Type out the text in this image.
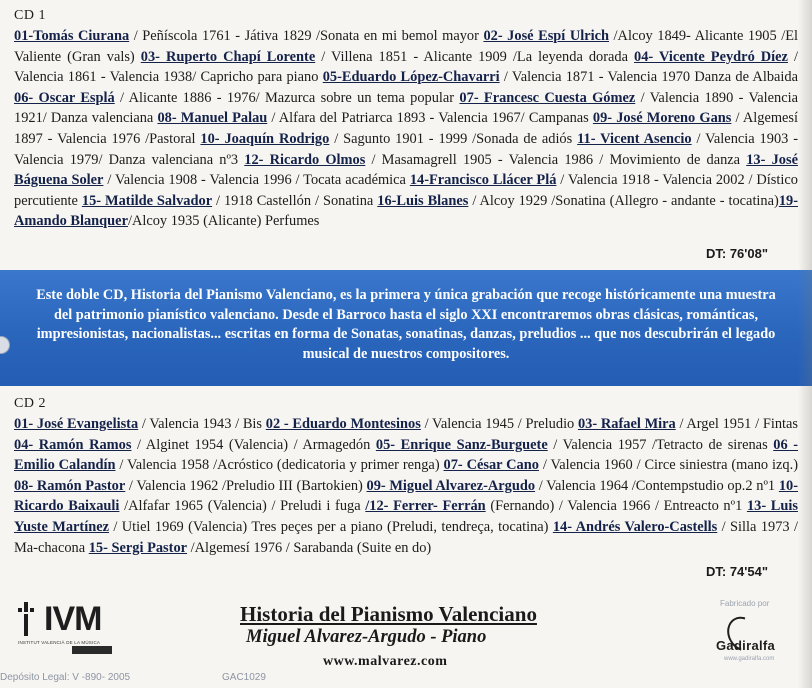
CD 1

01-Tomás Ciurana / Peñíscola 1761 - Játiva 1829 /Sonata en mi bemol mayor 02- José Espí Ulrich /Alcoy 1849- Alicante 1905 /El Valiente (Gran vals) 03- Ruperto Chapí Lorente / Villena 1851 - Alicante 1909 /La leyenda dorada 04- Vicente Peydró Díez / Valencia 1861 - Valencia 1938/ Capricho para piano 05-Eduardo López-Chavarri / Valencia 1871 - Valencia 1970 Danza de Albaida 06- Oscar Esplá / Alicante 1886 - 1976/ Mazurca sobre un tema popular 07- Francesc Cuesta Gómez / Valencia 1890 - Valencia 1921/ Danza valenciana 08- Manuel Palau / Alfara del Patriarca 1893 - Valencia 1967/ Campanas 09- José Moreno Gans / Algemesí 1897 - Valencia 1976 /Pastoral 10- Joaquín Rodrigo / Sagunto 1901 - 1999 /Sonada de adiós 11- Vicent Asencio / Valencia 1903 - Valencia 1979/ Danza valenciana nº3 12- Ricardo Olmos / Masamagrell 1905 - Valencia 1986 / Movimiento de danza 13- José Báguena Soler / Valencia 1908 - Valencia 1996 / Tocata académica 14-Francisco Llácer Plá / Valencia 1918 - Valencia 2002 / Dístico percutiente 15- Matilde Salvador / 1918 Castellón / Sonatina 16-Luis Blanes / Alcoy 1929 /Sonatina (Allegro - andante - tocatina)19-Amando Blanquer/Alcoy 1935 (Alicante) Perfumes

DT: 76'08"

Este doble CD, Historia del Pianismo Valenciano, es la primera y única grabación que recoge históricamente una muestra del patrimonio pianístico valenciano. Desde el Barroco hasta el siglo XXI encontraremos obras clásicas, románticas, impresionistas, nacionalistas... escritas en forma de Sonatas, sonatinas, danzas, preludios ... que nos descubrirán el legado musical de nuestros compositores.

CD 2

01- José Evangelista / Valencia 1943 / Bis 02 - Eduardo Montesinos / Valencia 1945 / Preludio 03- Rafael Mira / Argel 1951 / Fintas 04- Ramón Ramos / Alginet 1954 (Valencia) / Armagedón 05- Enrique Sanz-Burguete / Valencia 1957 /Tetracto de sirenas 06 - Emilio Calandín / Valencia 1958 /Acróstico (dedicatoria y primer renga) 07- César Cano / Valencia 1960 / Circe siniestra (mano izq.) 08- Ramón Pastor / Valencia 1962 /Preludio III (Bartokien) 09- Miguel Alvarez-Argudo / Valencia 1964 /Contempstudio op.2 nº1 10- Ricardo Baixauli /Alfafar 1965 (Valencia) / Preludi i fuga /12- Ferrer- Ferrán (Fernando) / Valencia 1966 / Entreacto nº1 13- Luis Yuste Martínez / Utiel 1969 (Valencia) Tres peçes per a piano (Preludi, tendreça, tocatina) 14- Andrés Valero-Castells / Silla 1973 / Ma-chacona 15- Sergi Pastor /Algemesí 1976 / Sarabanda (Suite en do)

DT: 74'54"
IVM
INSTITUT VALENCIÀ DE LA MÚSICA
Historia del Pianismo Valenciano
Miguel Alvarez-Argudo - Piano
www.malvarez.com
Depósito Legal: V -890- 2005	GAC1029
Fabricado por
Gadiralfa
www.gadiralfa.com
